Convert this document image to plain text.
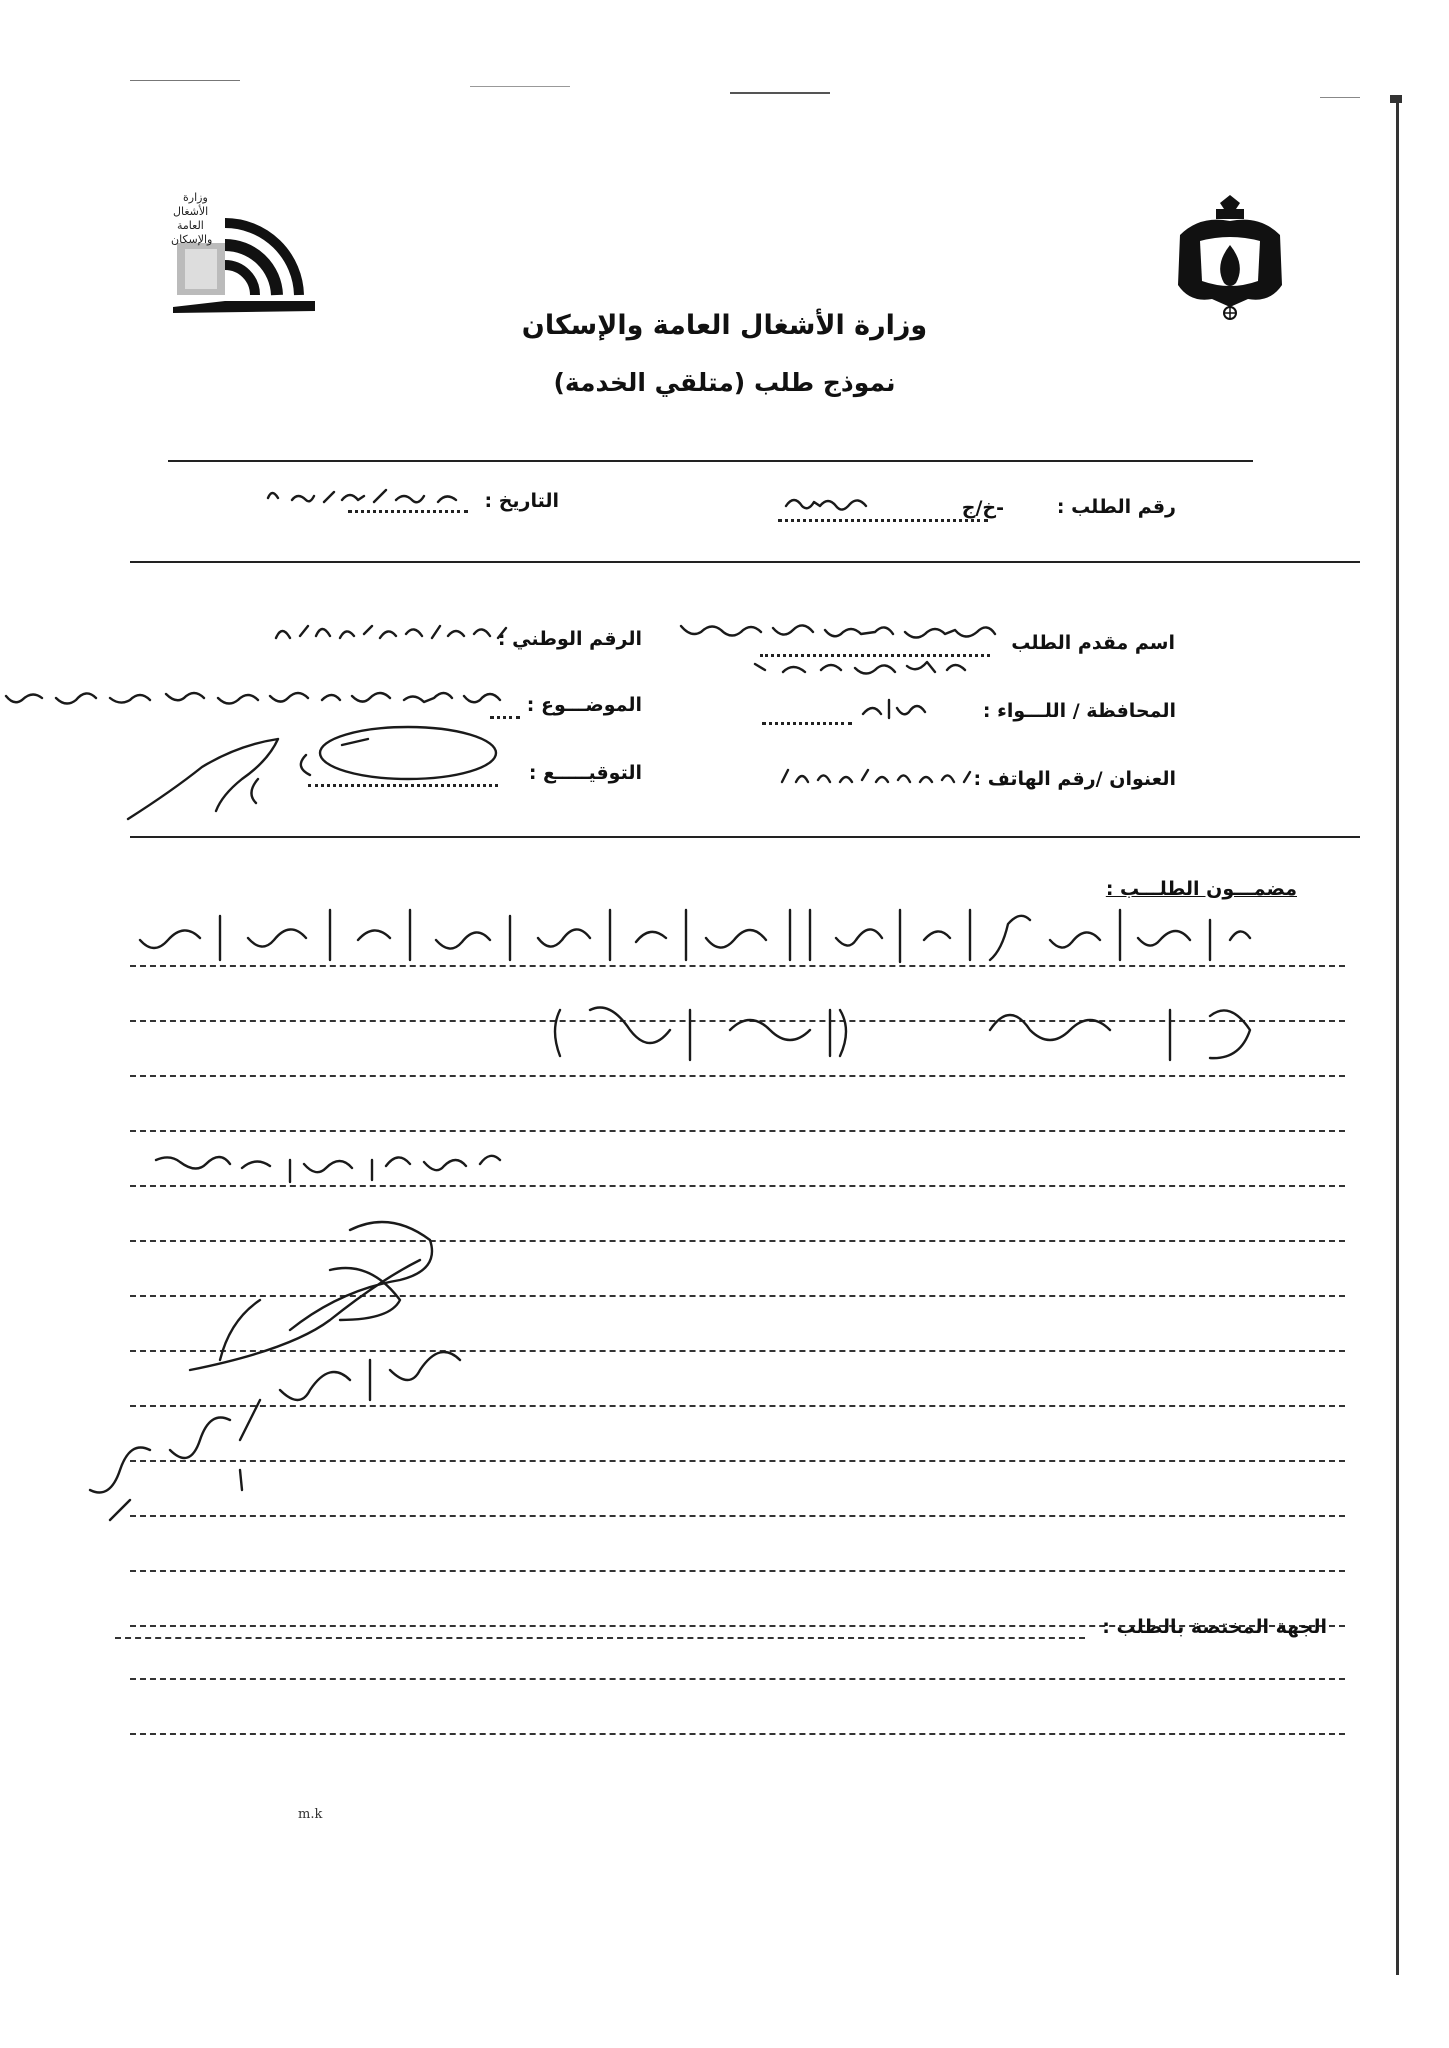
وزارة
الأشغال
العامة
والإسكان
وزارة الأشغال العامة والإسكان
نموذج طلب (متلقي الخدمة)
رقم الطلب :
-خ/ج
التاريخ :
اسم مقدم الطلب
الرقم الوطني :
المحافظة / اللـــواء :
الموضـــوع :
العنوان /رقم الهاتف :
التوقيـــــع :
مضمـــون الطلـــب :
الجهة المختصة بالطلب :
m.k
